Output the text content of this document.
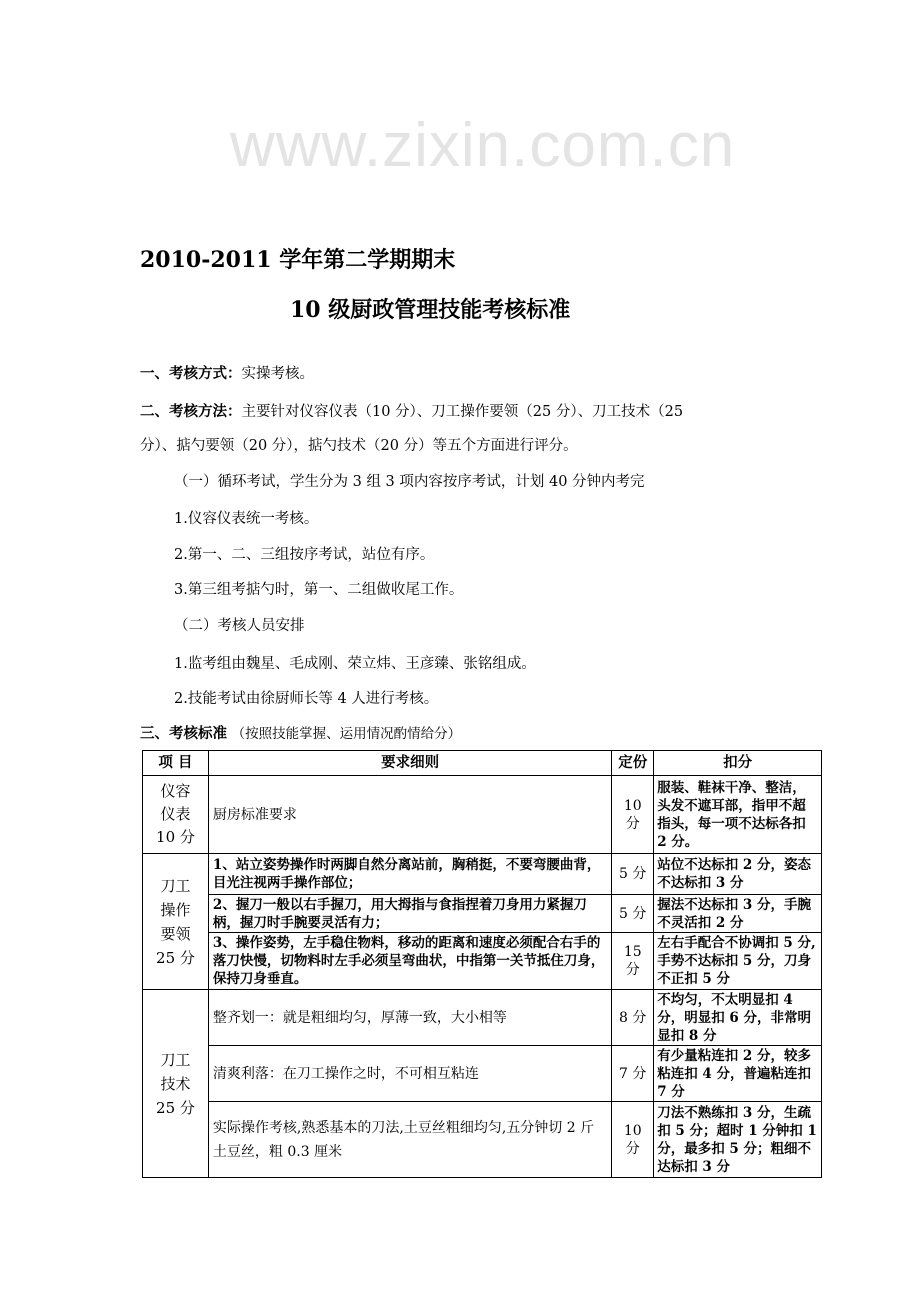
www.zixin.com.cn
2010-2011 学年第二学期期末
10 级厨政管理技能考核标准
一、考核方式：实操考核。
二、考核方法：主要针对仪容仪表（10 分）、刀工操作要领（25 分）、刀工技术（25
分）、掂勺要领（20 分），掂勺技术（20 分）等五个方面进行评分。
（一）循环考试，学生分为 3 组 3 项内容按序考试，计划 40 分钟内考完
1.仪容仪表统一考核。
2.第一、二、三组按序考试，站位有序。
3.第三组考掂勺时，第一、二组做收尾工作。
（二）考核人员安排
1.监考组由魏星、毛成刚、荣立炜、王彦臻、张铭组成。
2.技能考试由徐厨师长等 4 人进行考核。
三、考核标准 （按照技能掌握、运用情况酌情给分）
项 目	要求细则	定份	扣分
仪容
仪表
10 分	厨房标准要求	10 分	服装、鞋袜干净、整洁，头发不遮耳部，指甲不超指头，每一项不达标各扣 2 分。
刀工
操作
要领
25 分	1、站立姿势操作时两脚自然分离站前，胸稍挺，不要弯腰曲背，目光注视两手操作部位；	5 分	站位不达标扣 2 分，姿态不达标扣 3 分
	2、握刀一般以右手握刀，用大拇指与食指捏着刀身用力紧握刀柄，握刀时手腕要灵活有力；	5 分	握法不达标扣 3 分，手腕不灵活扣 2 分
	3、操作姿势，左手稳住物料，移动的距离和速度必须配合右手的落刀快慢，切物料时左手必须呈弯曲状，中指第一关节抵住刀身，保持刀身垂直。	15 分	左右手配合不协调扣 5 分,手势不达标扣 5 分，刀身不正扣 5 分
刀工
技术
25 分	整齐划一：就是粗细均匀，厚薄一致，大小相等	8 分	不均匀，不太明显扣 4 分，明显扣 6 分，非常明显扣 8 分
	清爽利落：在刀工操作之时，不可相互粘连	7 分	有少量粘连扣 2 分，较多粘连扣 4 分，普遍粘连扣 7 分
	实际操作考核,熟悉基本的刀法,土豆丝粗细均匀,五分钟切 2 斤土豆丝，粗 0.3 厘米	10 分	刀法不熟练扣 3 分，生疏扣 5 分；超时 1 分钟扣 1 分，最多扣 5 分；粗细不达标扣 3 分
